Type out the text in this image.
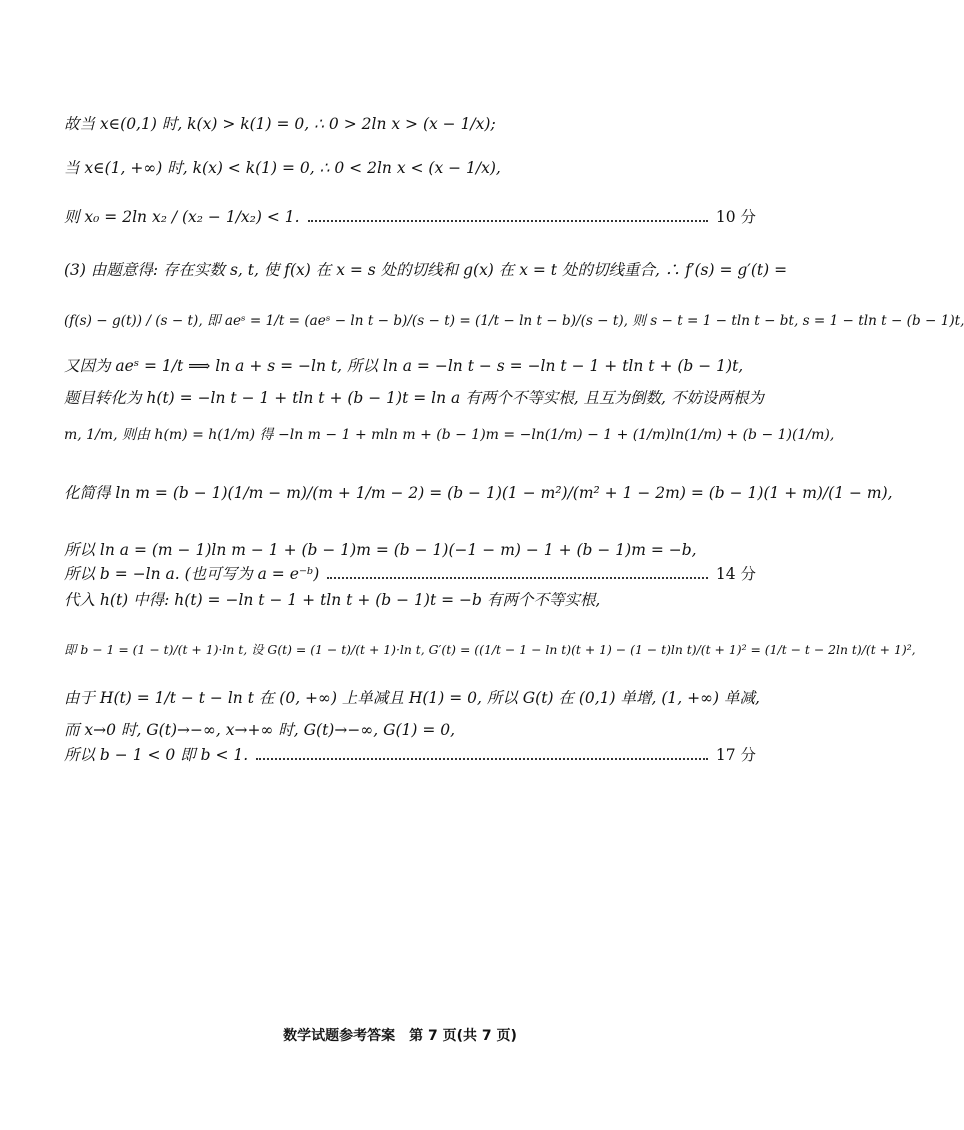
故当 x∈(0,1) 时, k(x) > k(1) = 0, ∴ 0 > 2ln x > (x − 1/x);
当 x∈(1, +∞) 时, k(x) < k(1) = 0, ∴ 0 < 2ln x < (x − 1/x),
则 x₀ = 2ln x₂ / (x₂ − 1/x₂) < 1.	10 分
(3) 由题意得: 存在实数 s, t, 使 f(x) 在 x = s 处的切线和 g(x) 在 x = t 处的切线重合, ∴ f′(s) = g′(t) =
(f(s) − g(t)) / (s − t), 即 aeˢ = 1/t = (aeˢ − ln t − b)/(s − t) = (1/t − ln t − b)/(s − t), 则 s − t = 1 − tln t − bt, s = 1 − tln t − (b − 1)t,
又因为 aeˢ = 1/t ⟹ ln a + s = −ln t, 所以 ln a = −ln t − s = −ln t − 1 + tln t + (b − 1)t,
题目转化为 h(t) = −ln t − 1 + tln t + (b − 1)t = ln a 有两个不等实根, 且互为倒数, 不妨设两根为
m, 1/m, 则由 h(m) = h(1/m) 得 −ln m − 1 + mln m + (b − 1)m = −ln(1/m) − 1 + (1/m)ln(1/m) + (b − 1)(1/m),
化简得 ln m = (b − 1)(1/m − m)/(m + 1/m − 2) = (b − 1)(1 − m²)/(m² + 1 − 2m) = (b − 1)(1 + m)/(1 − m),
所以 ln a = (m − 1)ln m − 1 + (b − 1)m = (b − 1)(−1 − m) − 1 + (b − 1)m = −b,
所以 b = −ln a. (也可写为 a = e⁻ᵇ)	14 分
代入 h(t) 中得: h(t) = −ln t − 1 + tln t + (b − 1)t = −b 有两个不等实根,
即 b − 1 = (1 − t)/(t + 1)·ln t, 设 G(t) = (1 − t)/(t + 1)·ln t, G′(t) = ((1/t − 1 − ln t)(t + 1) − (1 − t)ln t)/(t + 1)² = (1/t − t − 2ln t)/(t + 1)²,
由于 H(t) = 1/t − t − ln t 在 (0, +∞) 上单减且 H(1) = 0, 所以 G(t) 在 (0,1) 单增, (1, +∞) 单减,
而 x→0 时, G(t)→−∞, x→+∞ 时, G(t)→−∞, G(1) = 0,
所以 b − 1 < 0 即 b < 1.	17 分
数学试题参考答案　第 7 页(共 7 页)
